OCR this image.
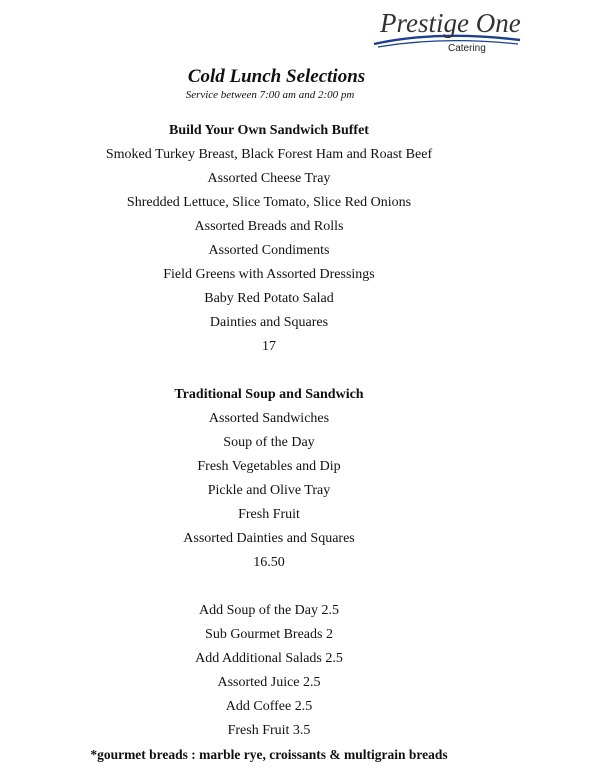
Prestige One
Catering
Cold Lunch Selections
Service between 7:00 am and 2:00 pm
Build Your Own Sandwich Buffet
Smoked Turkey Breast, Black Forest Ham and Roast Beef
Assorted Cheese Tray
Shredded Lettuce, Slice Tomato, Slice Red Onions
Assorted Breads and Rolls
Assorted Condiments
Field Greens with Assorted Dressings
Baby Red Potato Salad
Dainties and Squares
17
Traditional Soup and Sandwich
Assorted Sandwiches
Soup of the Day
Fresh Vegetables and Dip
Pickle and Olive Tray
Fresh Fruit
Assorted Dainties and Squares
16.50
Add Soup of the Day 2.5
Sub Gourmet Breads 2
Add Additional Salads 2.5
Assorted Juice 2.5
Add Coffee 2.5
Fresh Fruit 3.5
*gourmet breads : marble rye, croissants & multigrain breads
